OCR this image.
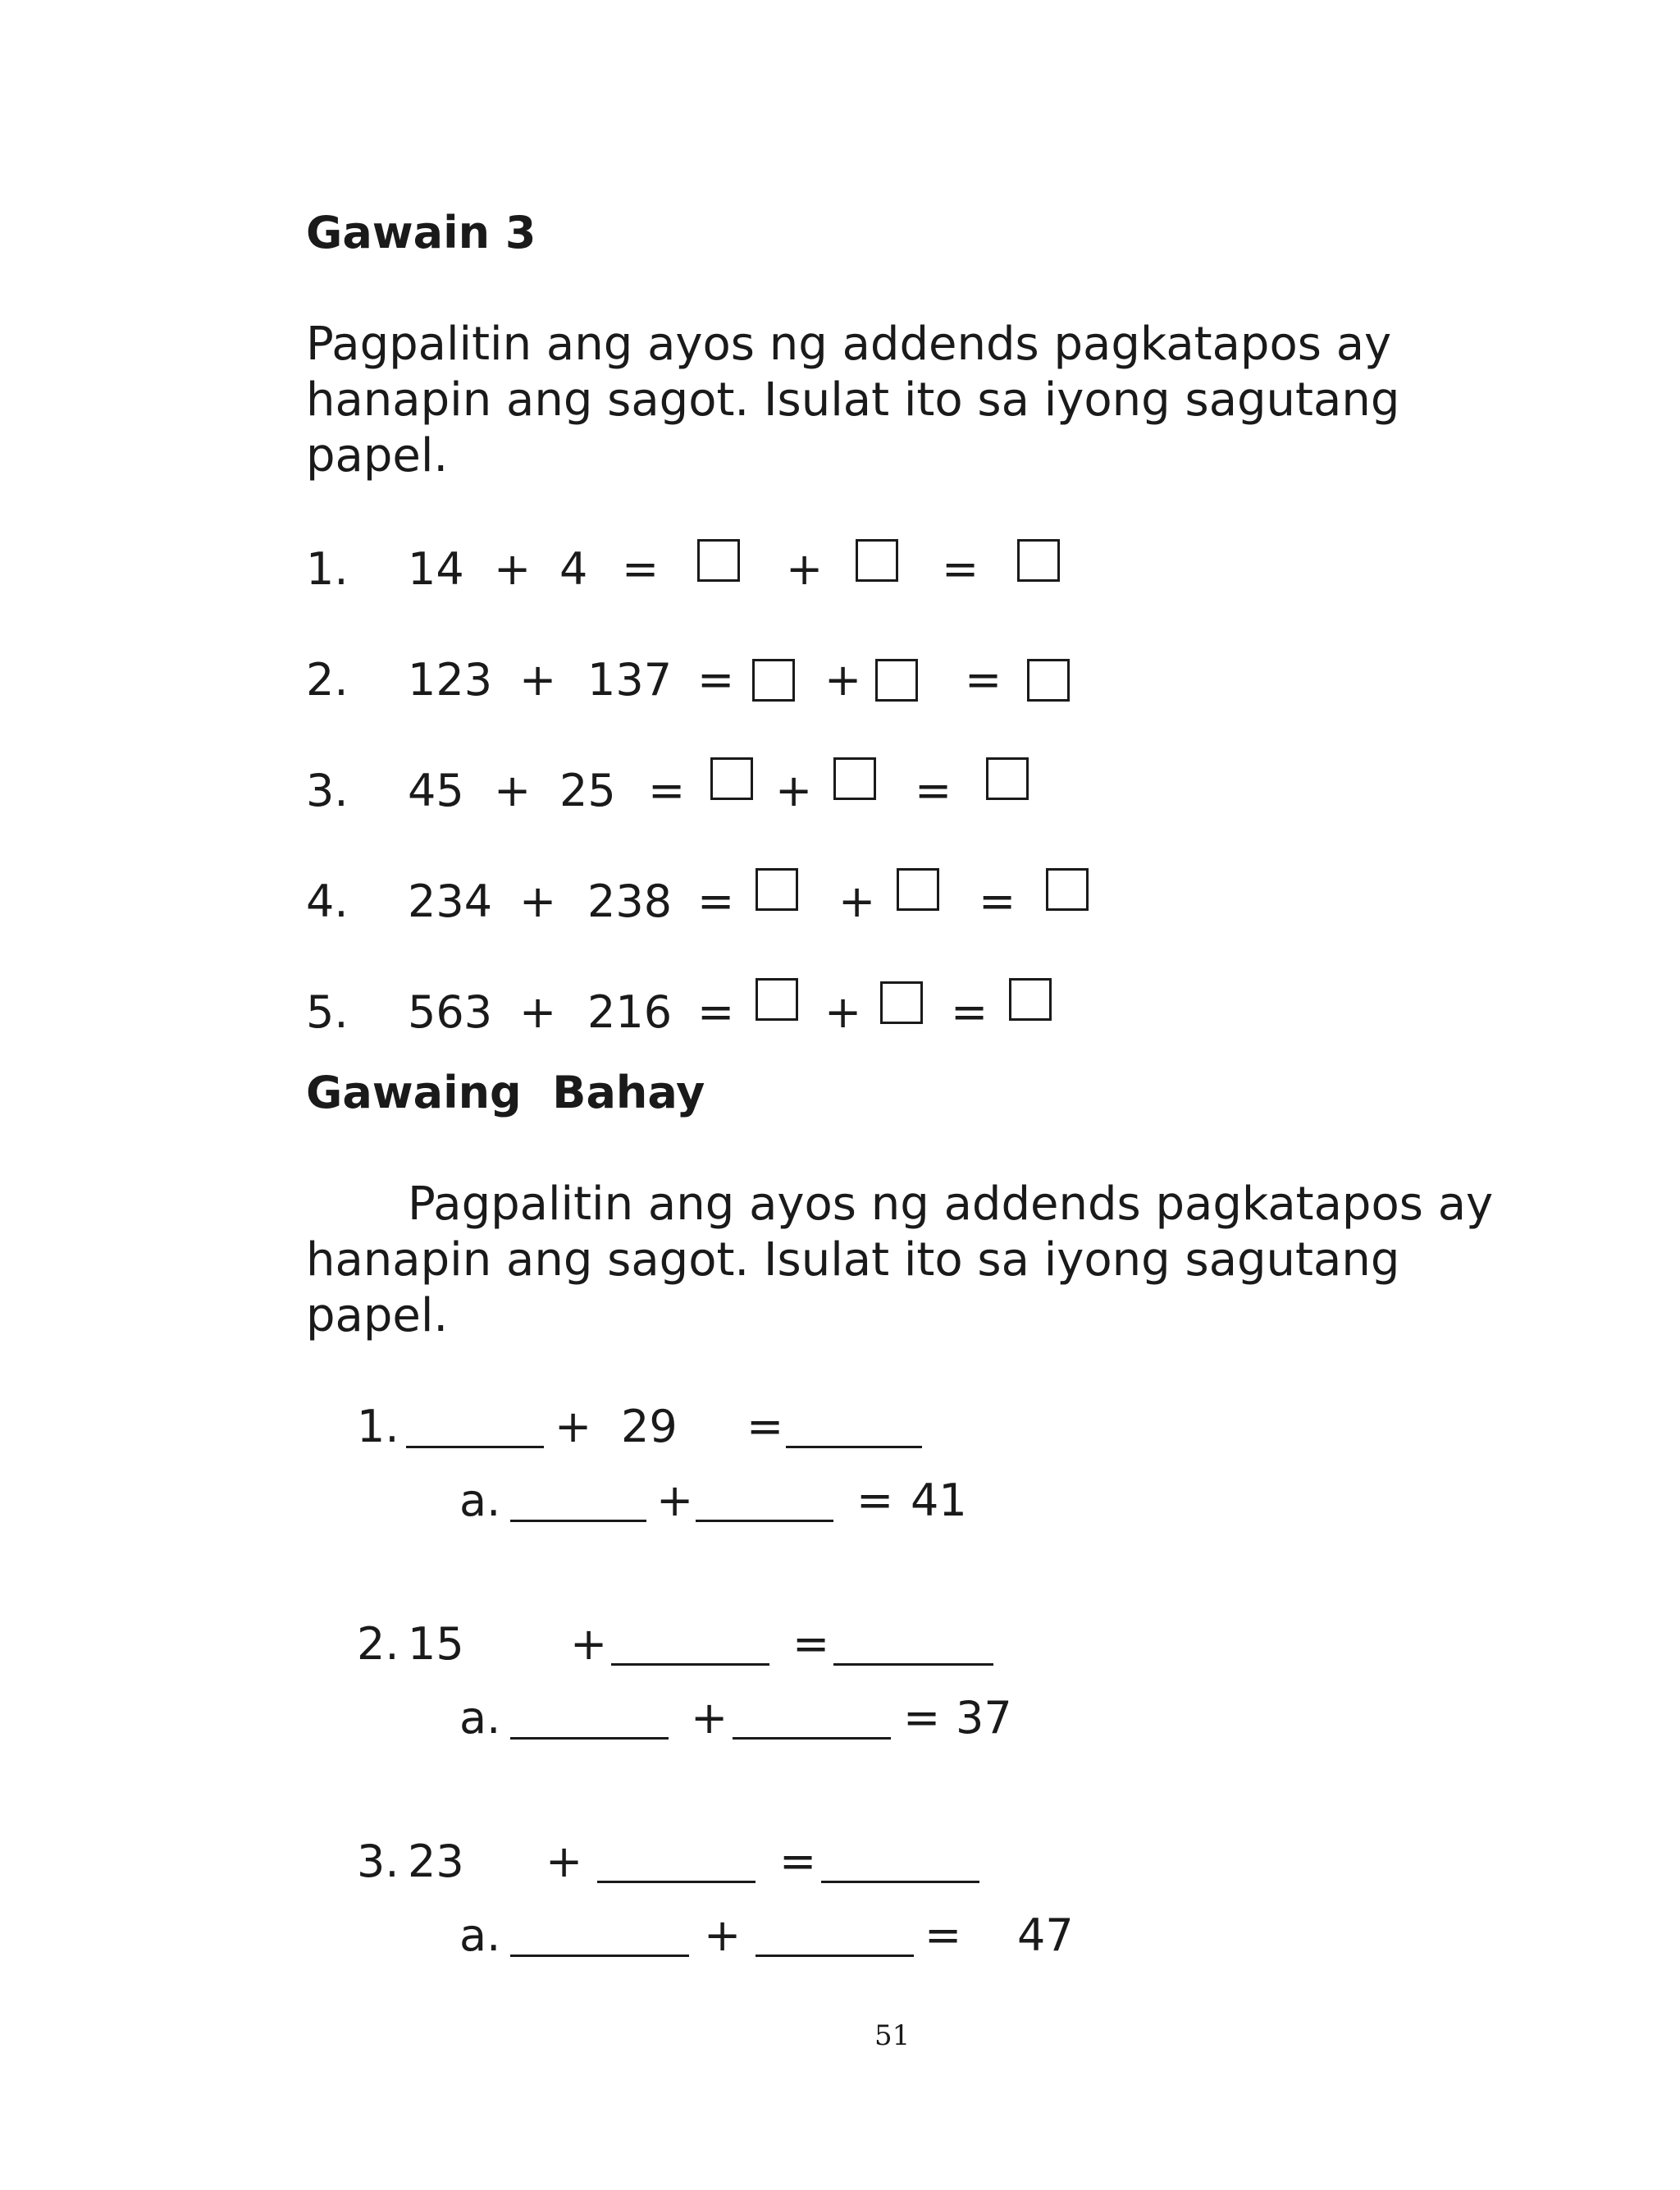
Gawain 3
Pagpalitin ang ayos ng addends pagkatapos ay
hanapin ang sagot. Isulat ito sa iyong sagutang
papel.
1. 14 + 4 =	+	=
2. 123 + 137 = + =
3. 45 + 25 = + =
4. 234 + 238 = + =
5. 563 + 216 = + =
Gawaing  Bahay
Pagpalitin ang ayos ng addends pagkatapos ay
hanapin ang sagot. Isulat ito sa iyong sagutang
papel.
1.	+ 29 =
a.	+	= 41
2. 15 +	=
a.	+	= 37
3. 23 +	=
a.	+	= 47
51
